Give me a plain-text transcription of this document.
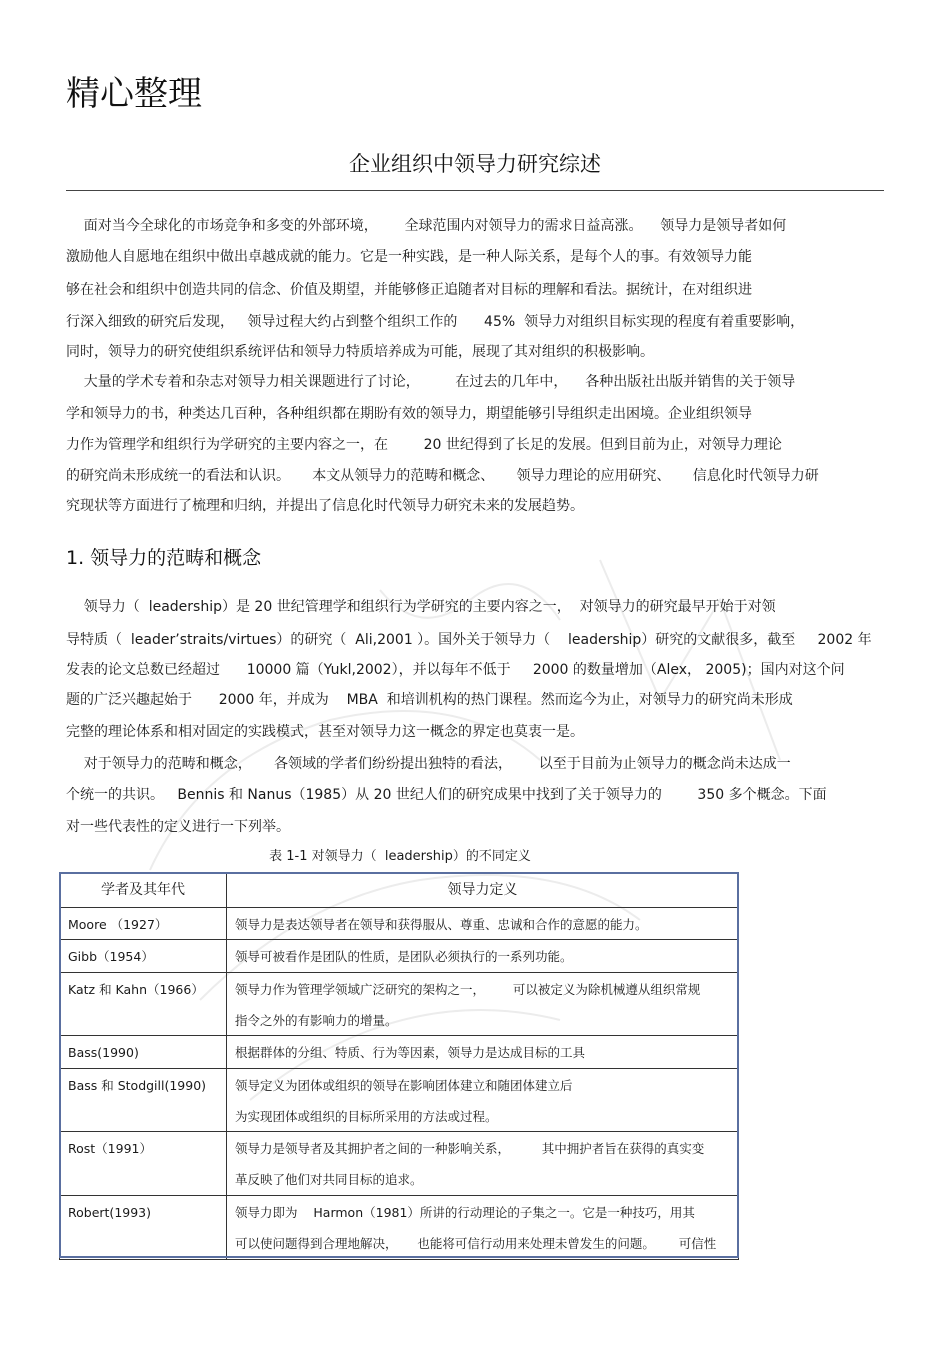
精心整理
企业组织中领导力研究综述
面对当今全球化的市场竞争和多变的外部环境，      全球范围内对领导力的需求日益高涨。    领导力是领导者如何
激励他人自愿地在组织中做出卓越成就的能力。它是一种实践，是一种人际关系，是每个人的事。有效领导力能
够在社会和组织中创造共同的信念、价值及期望，并能够修正追随者对目标的理解和看法。据统计，在对组织进
行深入细致的研究后发现，   领导过程大约占到整个组织工作的      45%  领导力对组织目标实现的程度有着重要影响，
同时，领导力的研究使组织系统评估和领导力特质培养成为可能，展现了其对组织的积极影响。
大量的学术专着和杂志对领导力相关课题进行了讨论，        在过去的几年中，    各种出版社出版并销售的关于领导
学和领导力的书，种类达几百种，各种组织都在期盼有效的领导力，期望能够引导组织走出困境。企业组织领导
力作为管理学和组织行为学研究的主要内容之一，在        20 世纪得到了长足的发展。但到目前为止，对领导力理论
的研究尚未形成统一的看法和认识。     本文从领导力的范畴和概念、     领导力理论的应用研究、     信息化时代领导力研
究现状等方面进行了梳理和归纳，并提出了信息化时代领导力研究未来的发展趋势。
1. 领导力的范畴和概念
领导力（  leadership）是 20 世纪管理学和组织行为学研究的主要内容之一，  对领导力的研究最早开始于对领
导特质（  leader’straits/virtues）的研究（  Ali,2001 ）。国外关于领导力（    leadership）研究的文献很多，截至     2002 年
发表的论文总数已经超过      10000 篇（Yukl,2002），并以每年不低于     2000 的数量增加（Alex， 2005)；国内对这个问
题的广泛兴趣起始于      2000 年，并成为    MBA  和培训机构的热门课程。然而迄今为止，对领导力的研究尚未形成
完整的理论体系和相对固定的实践模式，甚至对领导力这一概念的界定也莫衷一是。
对于领导力的范畴和概念，     各领域的学者们纷纷提出独特的看法，      以至于目前为止领导力的概念尚未达成一
个统一的共识。   Bennis 和 Nanus（1985）从 20 世纪人们的研究成果中找到了关于领导力的        350 多个概念。下面
对一些代表性的定义进行一下列举。
表 1-1 对领导力（  leadership）的不同定义
学者及其年代	领导力定义
Moore （1927）	领导力是表达领导者在领导和获得服从、尊重、忠诚和合作的意愿的能力。
Gibb（1954）	领导可被看作是团队的性质，是团队必须执行的一系列功能。
Katz 和 Kahn（1966）	领导力作为管理学领域广泛研究的架构之一，       可以被定义为除机械遵从组织常规
指令之外的有影响力的增量。

Bass(1990)	根据群体的分组、特质、行为等因素，领导力是达成目标的工具
Bass 和 Stodgill(1990)	领导定义为团体或组织的领导在影响团体建立和随团体建立后
为实现团体或组织的目标所采用的方法或过程。

Rost（1991）	领导力是领导者及其拥护者之间的一种影响关系，        其中拥护者旨在获得的真实变
革反映了他们对共同目标的追求。

Robert(1993)	领导力即为    Harmon（1981）所讲的行动理论的子集之一。它是一种技巧，用其
可以使问题得到合理地解决，     也能将可信行动用来处理未曾发生的问题。      可信性
